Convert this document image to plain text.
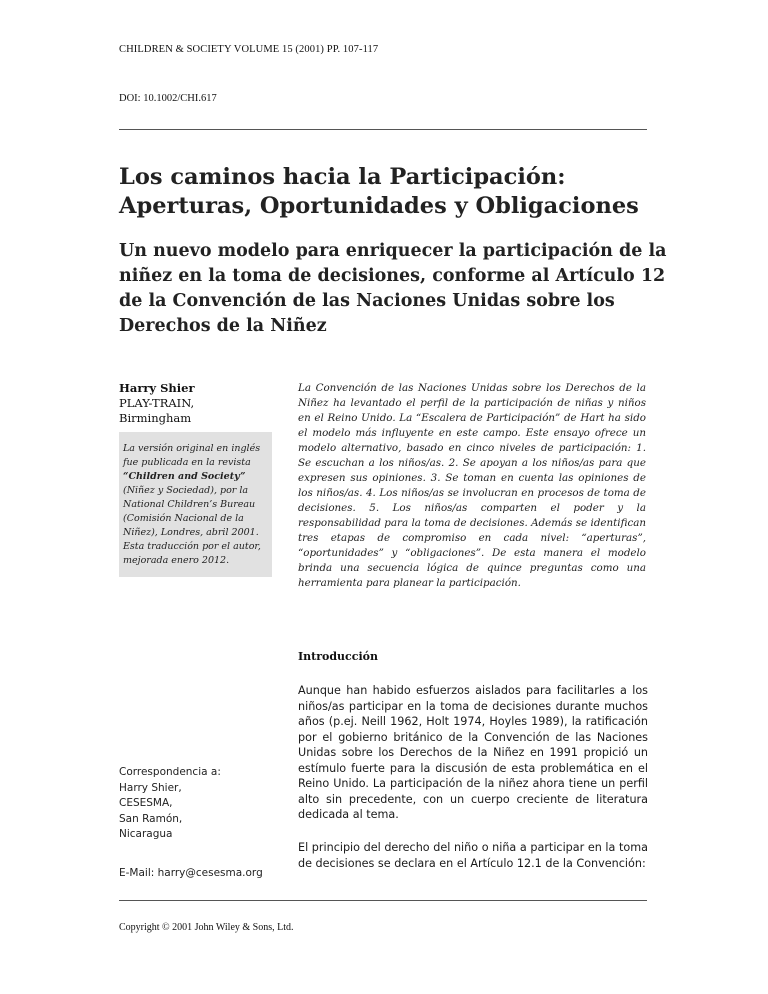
CHILDREN & SOCIETY VOLUME 15 (2001) PP. 107-117
DOI: 10.1002/CHI.617
Los caminos hacia la Participación: Aperturas, Oportunidades y Obligaciones
Un nuevo modelo para enriquecer la participación de la niñez en la toma de decisiones, conforme al Artículo 12 de la Convención de las Naciones Unidas sobre los Derechos de la Niñez
Harry Shier
PLAY-TRAIN,
Birmingham
La versión original en inglés fue publicada en la revista “Children and Society” (Niñez y Sociedad), por la National Children’s Bureau (Comisión Nacional de la Niñez), Londres, abril 2001. Esta traducción por el autor, mejorada enero 2012.
La Convención de las Naciones Unidas sobre los Derechos de la Niñez ha levantado el perfil de la participación de niñas y niños en el Reino Unido. La “Escalera de Participación” de Hart ha sido el modelo más influyente en este campo. Este ensayo ofrece un modelo alternativo, basado en cinco niveles de participación: 1. Se escuchan a los niños/as. 2. Se apoyan a los niños/as para que expresen sus opiniones. 3. Se toman en cuenta las opiniones de los niños/as. 4. Los niños/as se involucran en procesos de toma de decisiones. 5. Los niños/as comparten el poder y la responsabilidad para la toma de decisiones. Además se identifican tres etapas de compromiso en cada nivel: “aperturas”, “oportunidades” y “obligaciones”. De esta manera el modelo brinda una secuencia lógica de quince preguntas como una herramienta para planear la participación.
Introducción
Aunque han habido esfuerzos aislados para facilitarles a los niños/as participar en la toma de decisiones durante muchos años (p.ej. Neill 1962, Holt 1974, Hoyles 1989), la ratificación por el gobierno británico de la Convención de las Naciones Unidas sobre los Derechos de la Niñez en 1991 propició un estímulo fuerte para la discusión de esta problemática en el Reino Unido. La participación de la niñez ahora tiene un perfil alto sin precedente, con un cuerpo creciente de literatura dedicada al tema.
El principio del derecho del niño o niña a participar en la toma de decisiones se declara en el Artículo 12.1 de la Convención:
Correspondencia a:
Harry Shier,
CESESMA,
San Ramón,
Nicaragua
E-Mail: harry@cesesma.org
Copyright © 2001 John Wiley & Sons, Ltd.
